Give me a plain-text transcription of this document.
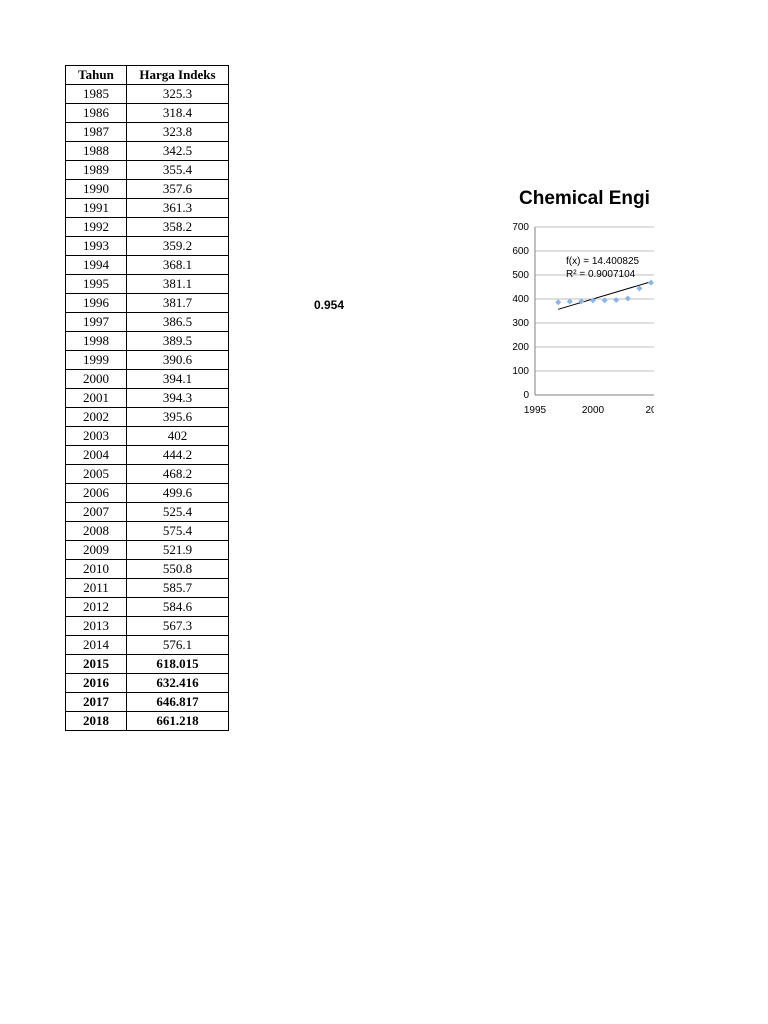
Tahun	Harga Indeks
1985	325.3
1986	318.4
1987	323.8
1988	342.5
1989	355.4
1990	357.6
1991	361.3
1992	358.2
1993	359.2
1994	368.1
1995	381.1
1996	381.7
1997	386.5
1998	389.5
1999	390.6
2000	394.1
2001	394.3
2002	395.6
2003	402
2004	444.2
2005	468.2
2006	499.6
2007	525.4
2008	575.4
2009	521.9
2010	550.8
2011	585.7
2012	584.6
2013	567.3
2014	576.1
2015	618.015
2016	632.416
2017	646.817
2018	661.218
0.954
Chemical Engi
0
100
200
300
400
500
600
700
1995	2000	20
f(x) = 14.400825
R² = 0.9007104
